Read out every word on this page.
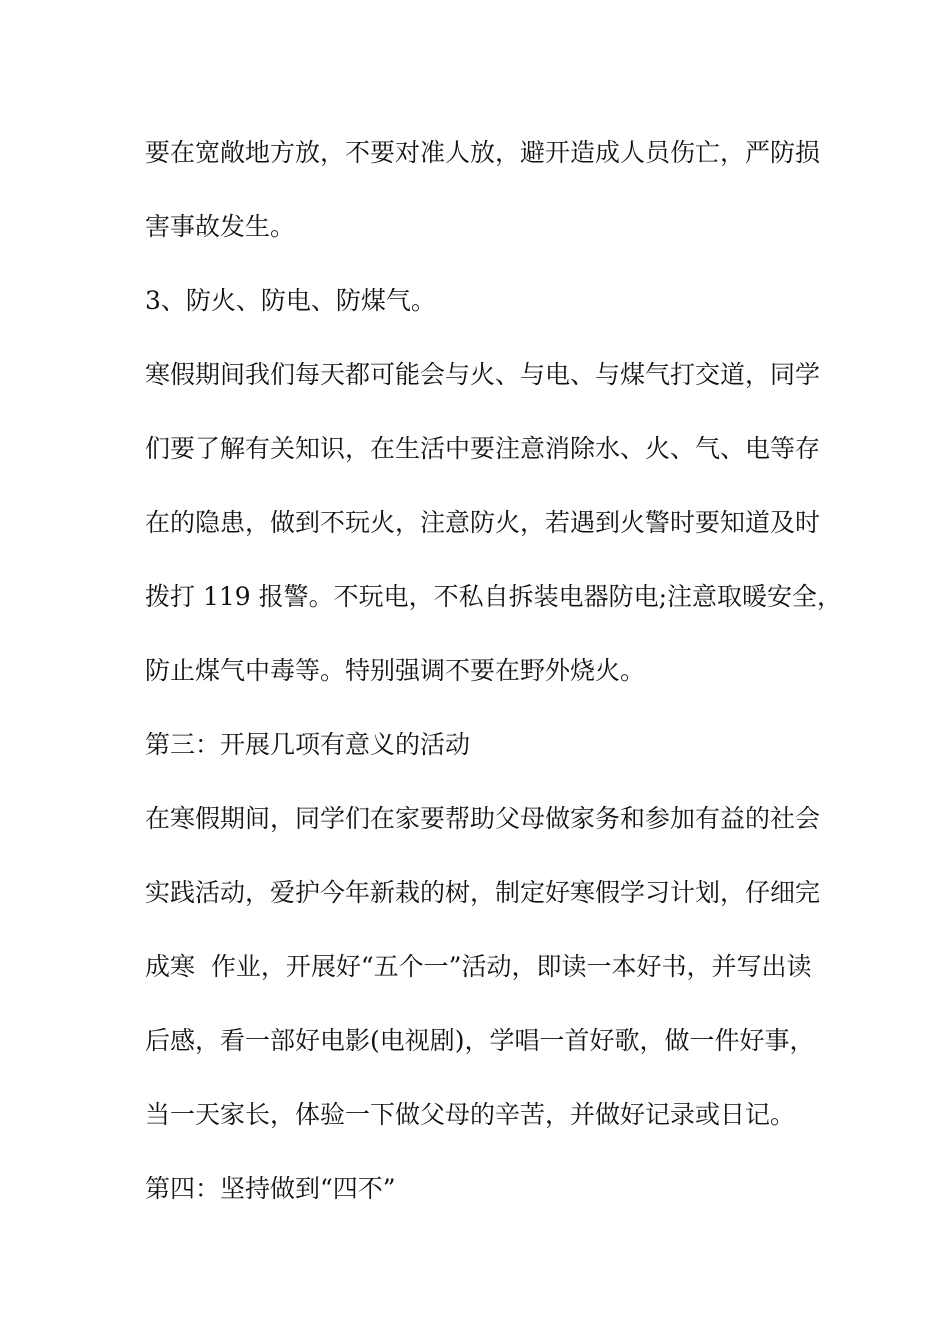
要在宽敞地方放，不要对准人放，避开造成人员伤亡，严防损
害事故发生。
3、防火、防电、防煤气。
寒假期间我们每天都可能会与火、与电、与煤气打交道，同学
们要了解有关知识，在生活中要注意消除水、火、气、电等存
在的隐患，做到不玩火，注意防火，若遇到火警时要知道及时
拨打 119 报警。不玩电，不私自拆装电器防电;注意取暖安全，
防止煤气中毒等。特别强调不要在野外烧火。
第三：开展几项有意义的活动
在寒假期间，同学们在家要帮助父母做家务和参加有益的社会
实践活动，爱护今年新栽的树，制定好寒假学习计划，仔细完
成寒  作业，开展好“五个一”活动，即读一本好书，并写出读
后感，看一部好电影(电视剧)，学唱一首好歌，做一件好事，
当一天家长，体验一下做父母的辛苦，并做好记录或日记。
第四：坚持做到“四不”
